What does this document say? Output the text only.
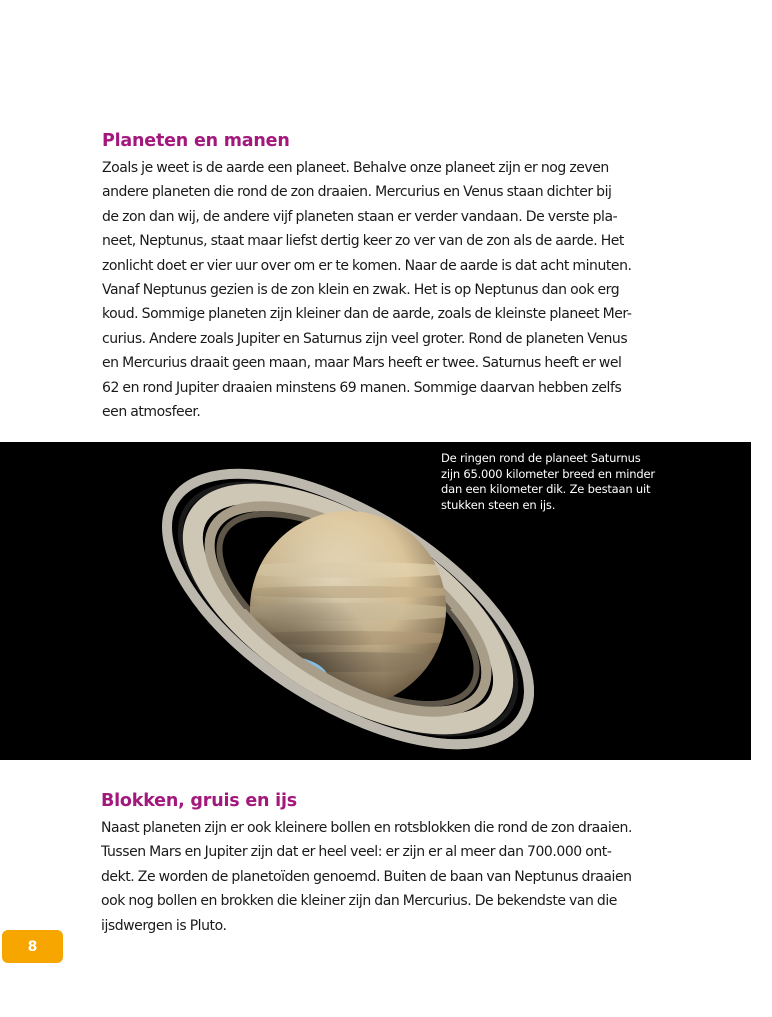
Planeten en manen

Zoals je weet is de aarde een planeet. Behalve onze planeet zijn er nog zeven
andere planeten die rond de zon draaien. Mercurius en Venus staan dichter bij
de zon dan wij, de andere vijf planeten staan er verder vandaan. De verste pla-
neet, Neptunus, staat maar liefst dertig keer zo ver van de zon als de aarde. Het
zonlicht doet er vier uur over om er te komen. Naar de aarde is dat acht minuten.
Vanaf Neptunus gezien is de zon klein en zwak. Het is op Neptunus dan ook erg
koud. Sommige planeten zijn kleiner dan de aarde, zoals de kleinste planeet Mer-
curius. Andere zoals Jupiter en Saturnus zijn veel groter. Rond de planeten Venus
en Mercurius draait geen maan, maar Mars heeft er twee. Saturnus heeft er wel
62 en rond Jupiter draaien minstens 69 manen. Sommige daarvan hebben zelfs
een atmosfeer.

De ringen rond de planeet Saturnus
zijn 65.000 kilometer breed en minder
dan een kilometer dik. Ze bestaan uit
stukken steen en ijs.

Blokken, gruis en ijs

Naast planeten zijn er ook kleinere bollen en rotsblokken die rond de zon draaien.
Tussen Mars en Jupiter zijn dat er heel veel: er zijn er al meer dan 700.000 ont-
dekt. Ze worden de planetoïden genoemd. Buiten de baan van Neptunus draaien
ook nog bollen en brokken die kleiner zijn dan Mercurius. De bekendste van die
ijsdwergen is Pluto.

8
